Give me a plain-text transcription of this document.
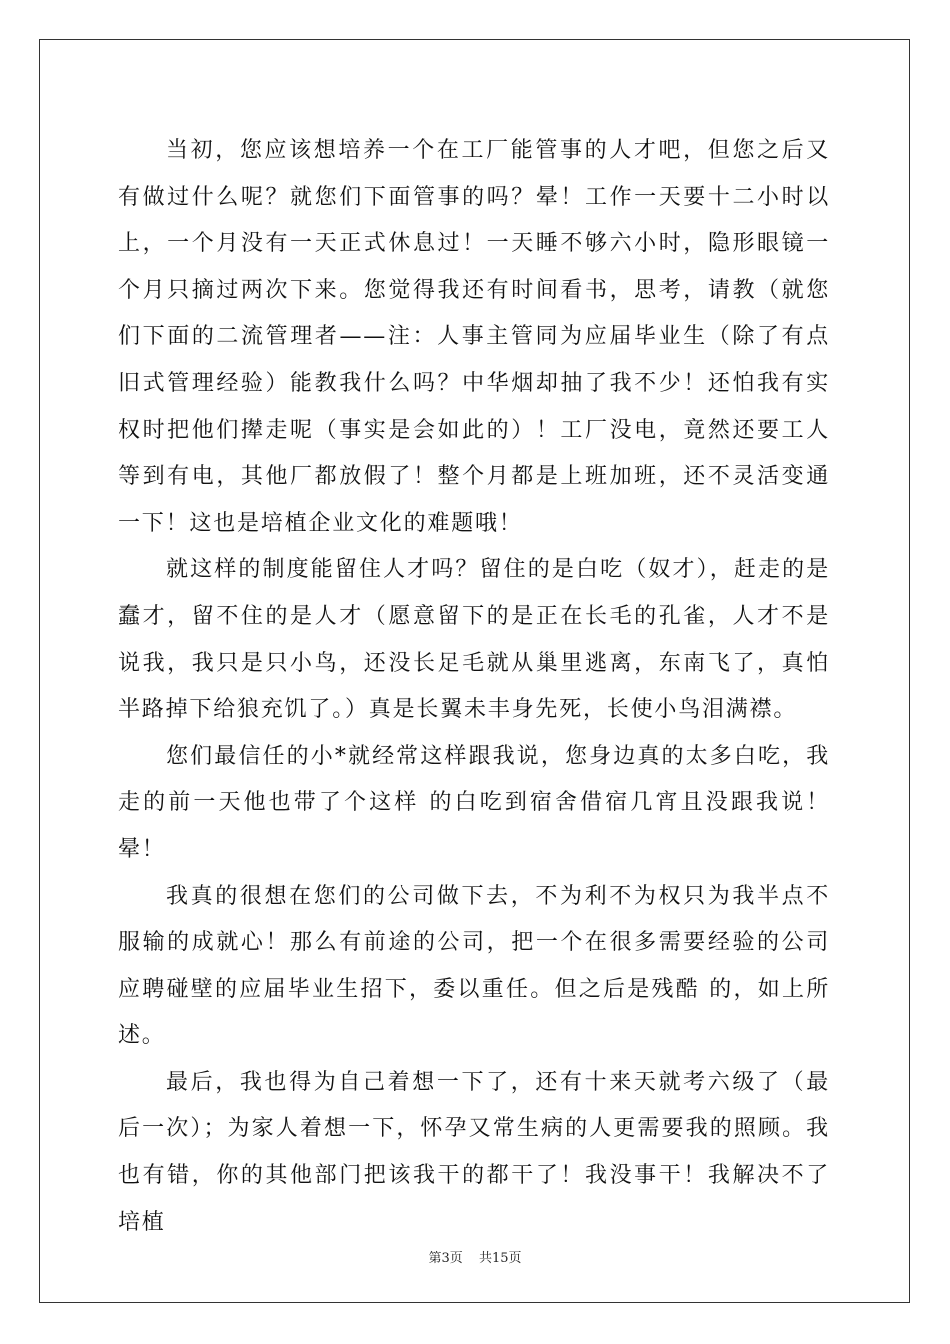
当初，您应该想培养一个在工厂能管事的人才吧，但您之后又有做过什么呢？就您们下面管事的吗？晕！工作一天要十二小时以上，一个月没有一天正式休息过！一天睡不够六小时，隐形眼镜一个月只摘过两次下来。您觉得我还有时间看书，思考，请教（就您们下面的二流管理者——注：人事主管同为应届毕业生（除了有点旧式管理经验）能教我什么吗？中华烟却抽了我不少！还怕我有实权时把他们撵走呢（事实是会如此的）！工厂没电，竟然还要工人等到有电，其他厂都放假了！整个月都是上班加班，还不灵活变通一下！这也是培植企业文化的难题哦！

就这样的制度能留住人才吗？留住的是白吃（奴才），赶走的是蠢才，留不住的是人才（愿意留下的是正在长毛的孔雀，人才不是说我，我只是只小鸟，还没长足毛就从巢里逃离，东南飞了，真怕半路掉下给狼充饥了。）真是长翼未丰身先死，长使小鸟泪满襟。

您们最信任的小*就经常这样跟我说，您身边真的太多白吃，我走的前一天他也带了个这样 的白吃到宿舍借宿几宵且没跟我说！晕！

我真的很想在您们的公司做下去，不为利不为权只为我半点不服输的成就心！那么有前途的公司，把一个在很多需要经验的公司应聘碰壁的应届毕业生招下，委以重任。但之后是残酷 的，如上所述。

最后，我也得为自己着想一下了，还有十来天就考六级了（最后一次）；为家人着想一下，怀孕又常生病的人更需要我的照顾。我也有错，你的其他部门把该我干的都干了！我没事干！我解决不了培植

第3页 共15页
